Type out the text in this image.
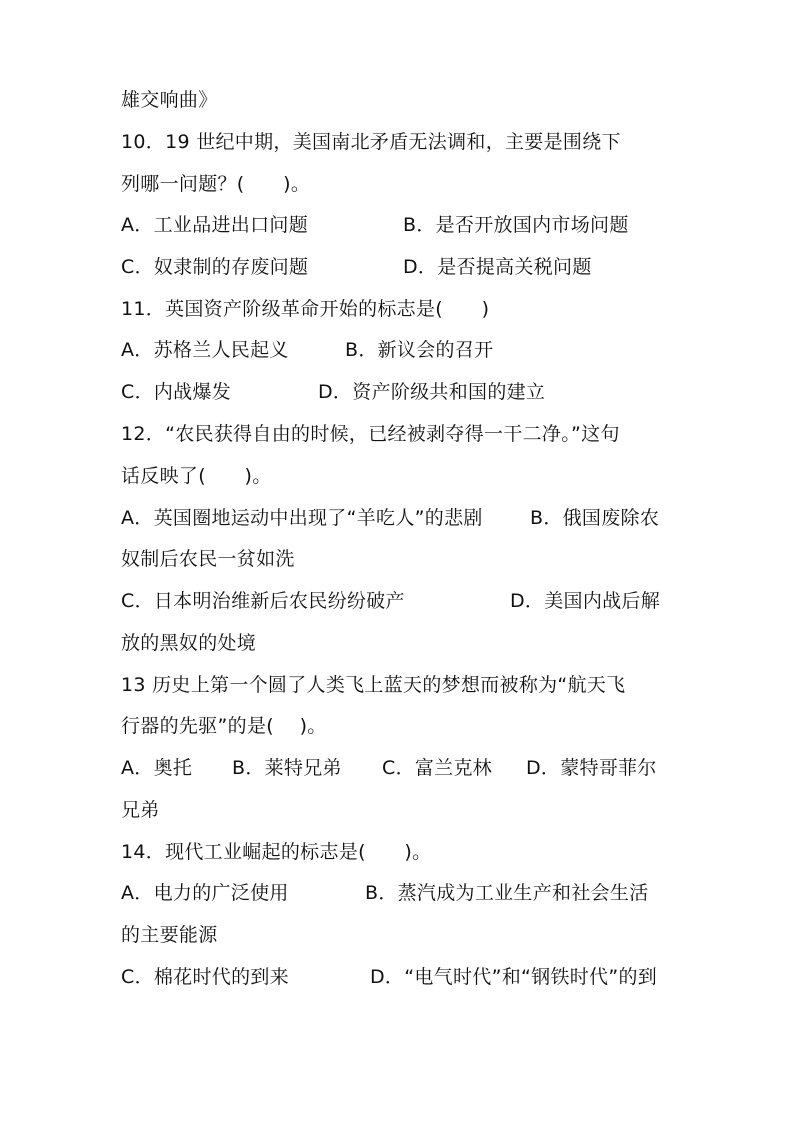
雄交响曲》
10．19 世纪中期，美国南北矛盾无法调和，主要是围绕下
列哪一问题？(　　)。
A．工业品进出口问题	B．是否开放国内市场问题
C．奴隶制的存废问题	D．是否提高关税问题
11．英国资产阶级革命开始的标志是(　　)
A．苏格兰人民起义	B．新议会的召开
C．内战爆发	D．资产阶级共和国的建立
12．“农民获得自由的时候，已经被剥夺得一干二净。”这句
话反映了(　　)。
A．英国圈地运动中出现了“羊吃人”的悲剧 B．俄国废除农
奴制后农民一贫如洗
C．日本明治维新后农民纷纷破产	D．美国内战后解
放的黑奴的处境
13 历史上第一个圆了人类飞上蓝天的梦想而被称为“航天飞
行器的先驱”的是(　 )。
A．奥托 B．莱特兄弟 C．富兰克林 D．蒙特哥菲尔
兄弟
14．现代工业崛起的标志是(　　)。
A．电力的广泛使用	B．蒸汽成为工业生产和社会生活
的主要能源
C．棉花时代的到来	D．“电气时代”和“钢铁时代”的到
